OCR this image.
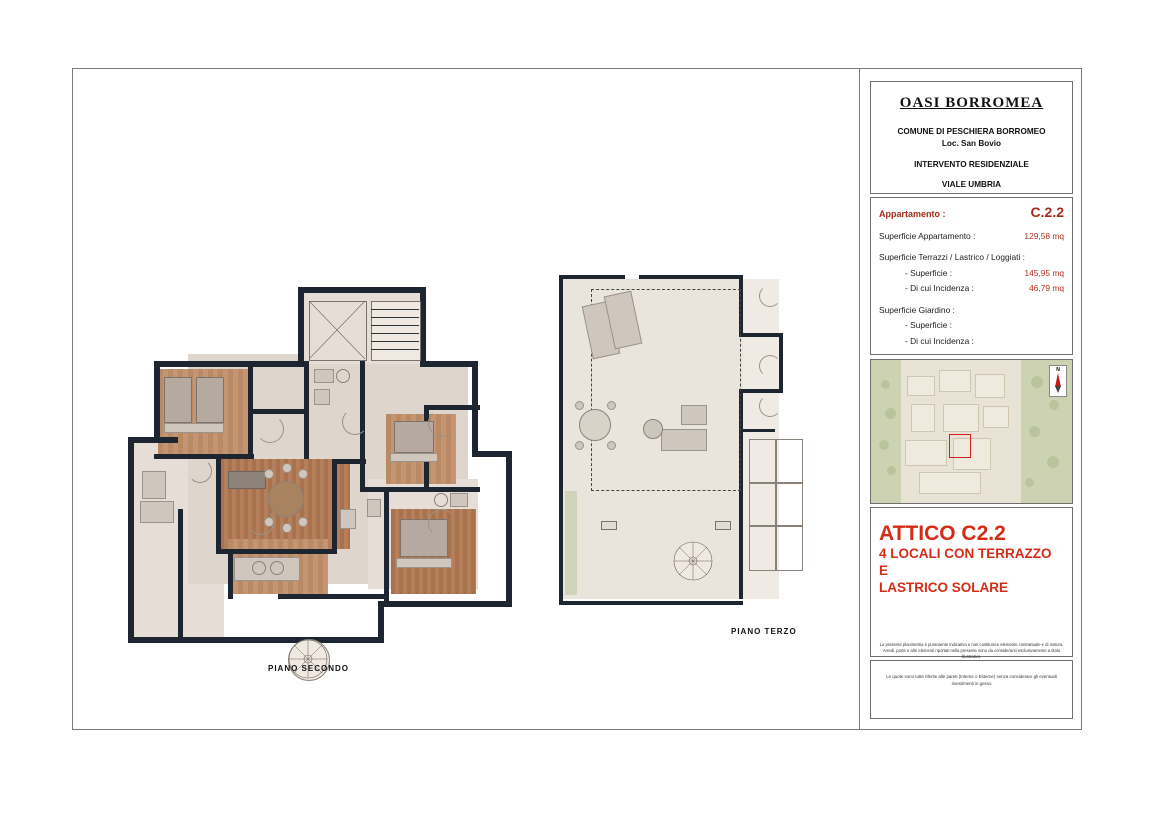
PIANO SECONDO
PIANO TERZO
OASI BORROMEA
COMUNE DI PESCHIERA BORROMEO
Loc. San Bovio
INTERVENTO RESIDENZIALE
VIALE UMBRIA
Appartamento :	C.2.2
Superficie Appartamento :	129,58 mq
Superficie Terrazzi / Lastrico / Loggiati :
- Superficie :	145,95 mq
- Di cui Incidenza :	46,79 mq
Superficie Giardino :
- Superficie :
- Di cui Incidenza :
N
ATTICO C2.2
4 LOCALI CON TERRAZZO E
LASTRICO SOLARE
La presente planimetria è puramente indicativa e non costituisce elemento contrattuale e di misura. Arredi, porte e altri elementi riportati nella presente sono da considerarsi esclusivamente a titolo illustrativo.
Le quote sono tutte riferite alle pareti (Interne o Esterne) senza considerare gli eventuali rivestimenti in gesso
